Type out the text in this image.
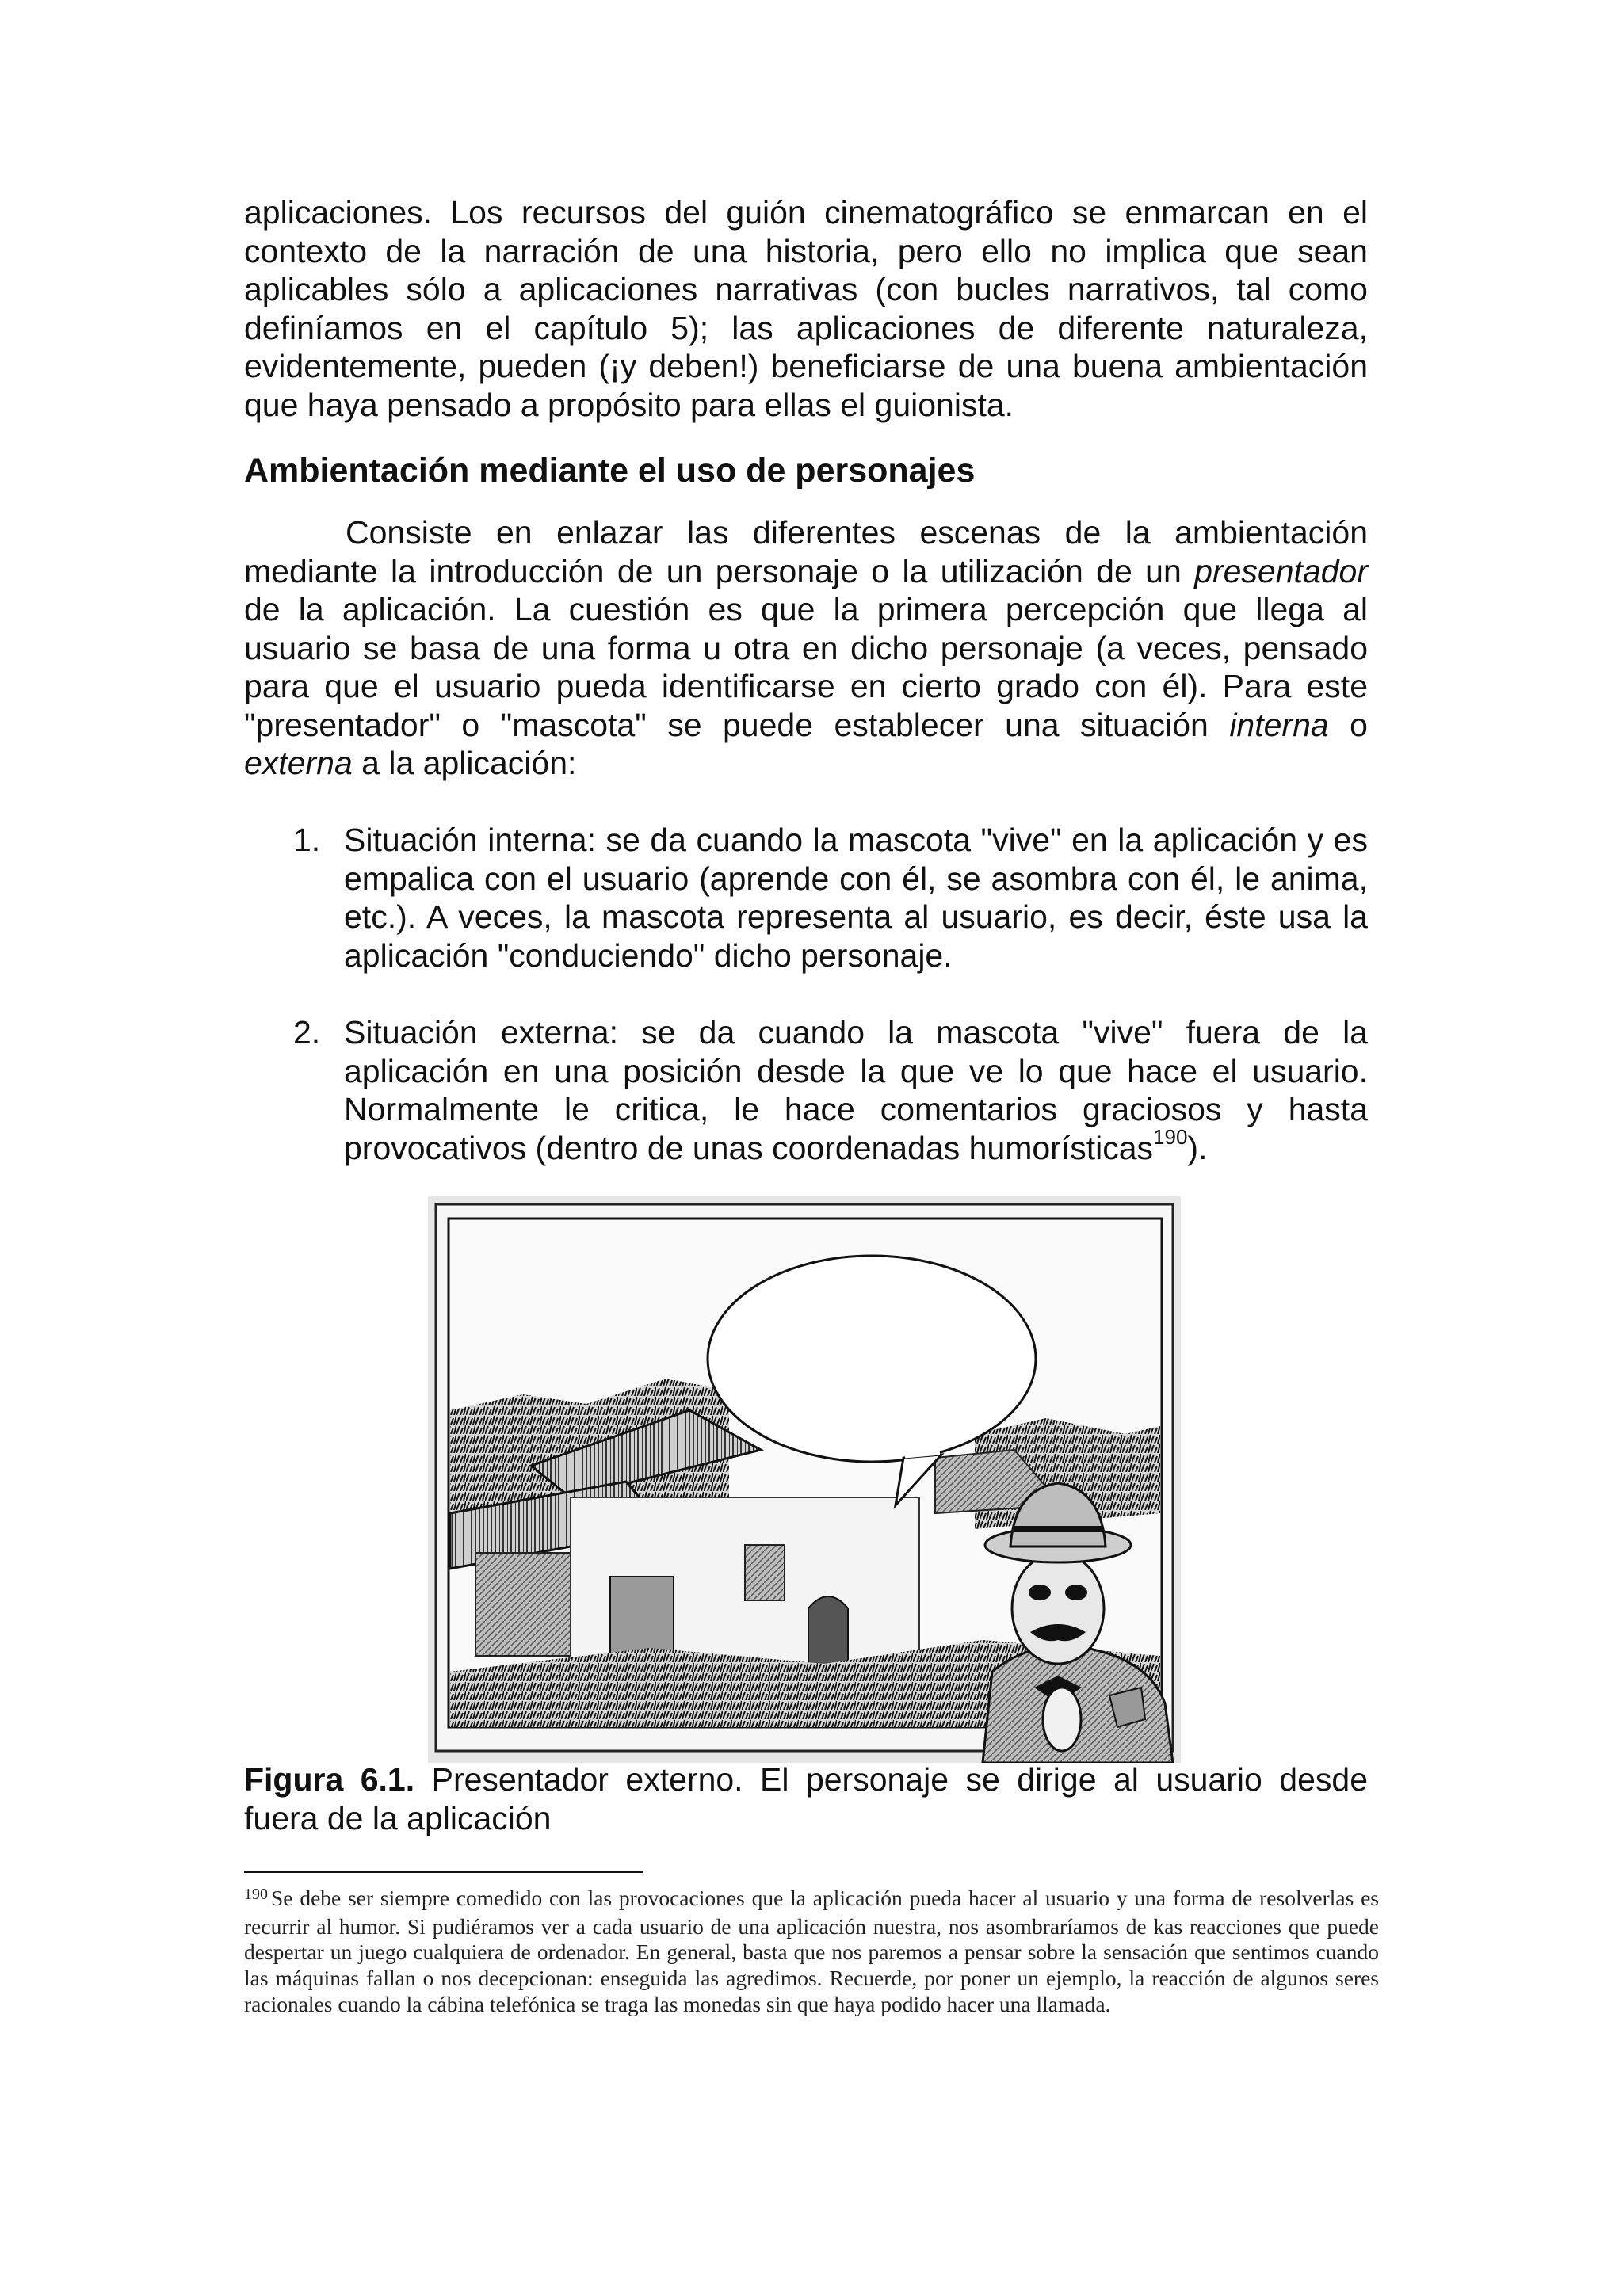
aplicaciones. Los recursos del guión cinematográfico se enmarcan en el contexto de la narración de una historia, pero ello no implica que sean aplicables sólo a aplicaciones narrativas (con bucles narrativos, tal como definíamos en el capítulo 5); las aplicaciones de diferente naturaleza, evidentemente, pueden (¡y deben!) beneficiarse de una buena ambientación que haya pensado a propósito para ellas el guionista.

Ambientación mediante el uso de personajes

Consiste en enlazar las diferentes escenas de la ambientación mediante la introducción de un personaje o la utilización de un presentador de la aplicación. La cuestión es que la primera percepción que llega al usuario se basa de una forma u otra en dicho personaje (a veces, pensado para que el usuario pueda identificarse en cierto grado con él). Para este "presentador" o "mascota" se puede establecer una situación interna o externa a la aplicación:

1. Situación interna: se da cuando la mascota "vive" en la aplicación y es empalica con el usuario (aprende con él, se asombra con él, le anima, etc.). A veces, la mascota representa al usuario, es decir, éste usa la aplicación "conduciendo" dicho personaje.

2. Situación externa: se da cuando la mascota "vive" fuera de la aplicación en una posición desde la que ve lo que hace el usuario. Normalmente le critica, le hace comentarios graciosos y hasta provocativos (dentro de unas coordenadas humorísticas$^{190}$).

Figura 6.1. Presentador externo. El personaje se dirige al usuario desde fuera de la aplicación

$^{190}$ Se debe ser siempre comedido con las provocaciones que la aplicación pueda hacer al usuario y una forma de resolverlas es recurrir al humor. Si pudiéramos ver a cada usuario de una aplicación nuestra, nos asombraríamos de kas reacciones que puede despertar un juego cualquiera de ordenador. En general, basta que nos paremos a pensar sobre la sensación que sentimos cuando las máquinas fallan o nos decepcionan: enseguida las agredimos. Recuerde, por poner un ejemplo, la reacción de algunos seres racionales cuando la cábina telefónica se traga las monedas sin que haya podido hacer una llamada.
